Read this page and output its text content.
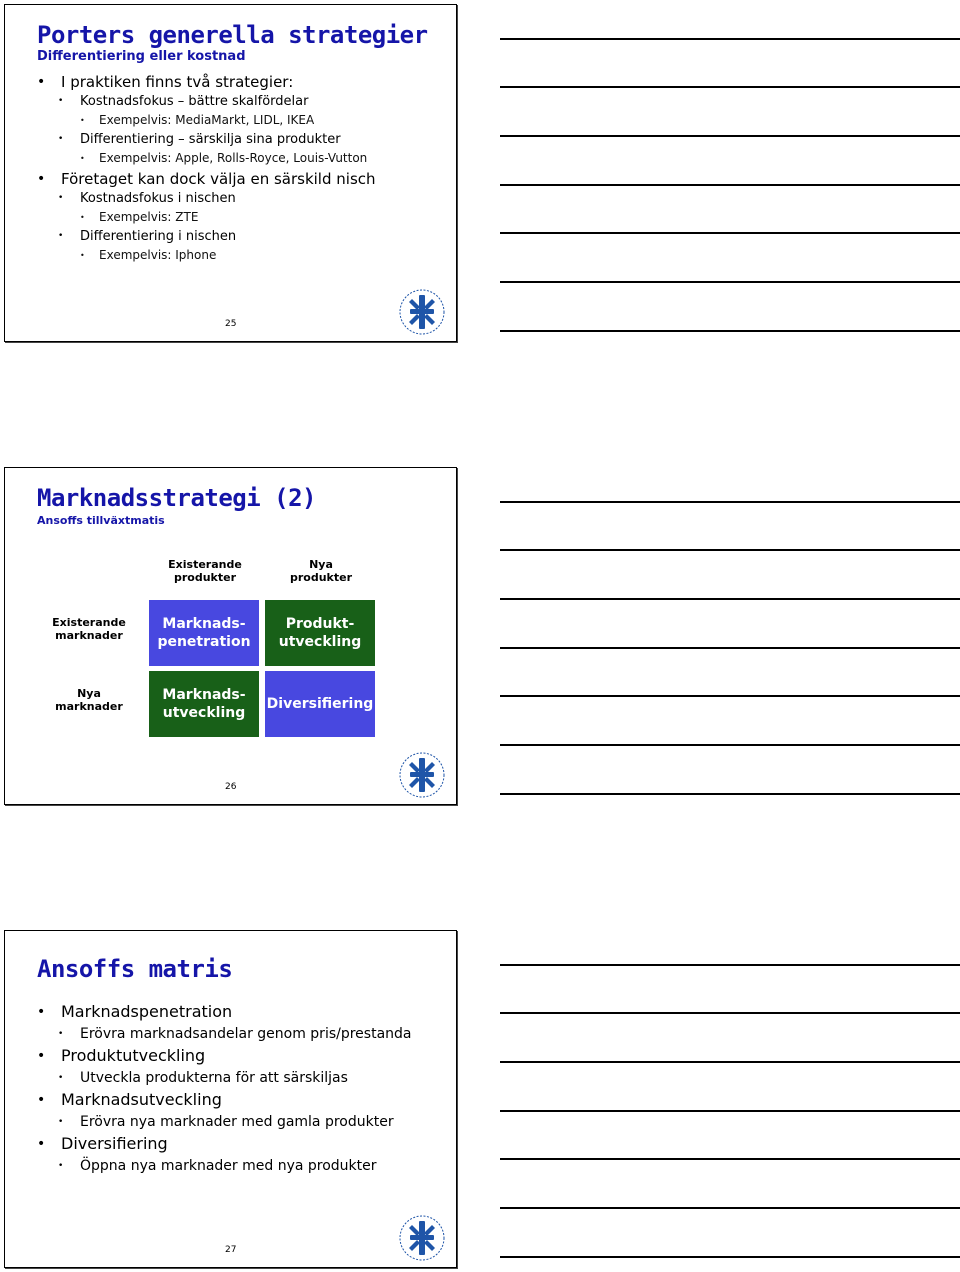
Porters generella strategier
Differentiering eller kostnad
• I praktiken finns två strategier:
• Kostnadsfokus – bättre skalfördelar
• Exempelvis: MediaMarkt, LIDL, IKEA
• Differentiering – särskilja sina produkter
• Exempelvis: Apple, Rolls-Royce, Louis-Vutton
• Företaget kan dock välja en särskild nisch
• Kostnadsfokus i nischen
• Exempelvis: ZTE
• Differentiering i nischen
• Exempelvis: Iphone
25
Marknadsstrategi (2)
Ansoffs tillväxtmatis
Existerande
produkter
Nya
produkter
Existerande
marknader
Nya
marknader
Marknads-
penetration
Produkt-
utveckling
Marknads-
utveckling
Diversifiering
26
Ansoffs matris
• Marknadspenetration
• Erövra marknadsandelar genom pris/prestanda
• Produktutveckling
• Utveckla produkterna för att särskiljas
• Marknadsutveckling
• Erövra nya marknader med gamla produkter
• Diversifiering
• Öppna nya marknader med nya produkter
27
